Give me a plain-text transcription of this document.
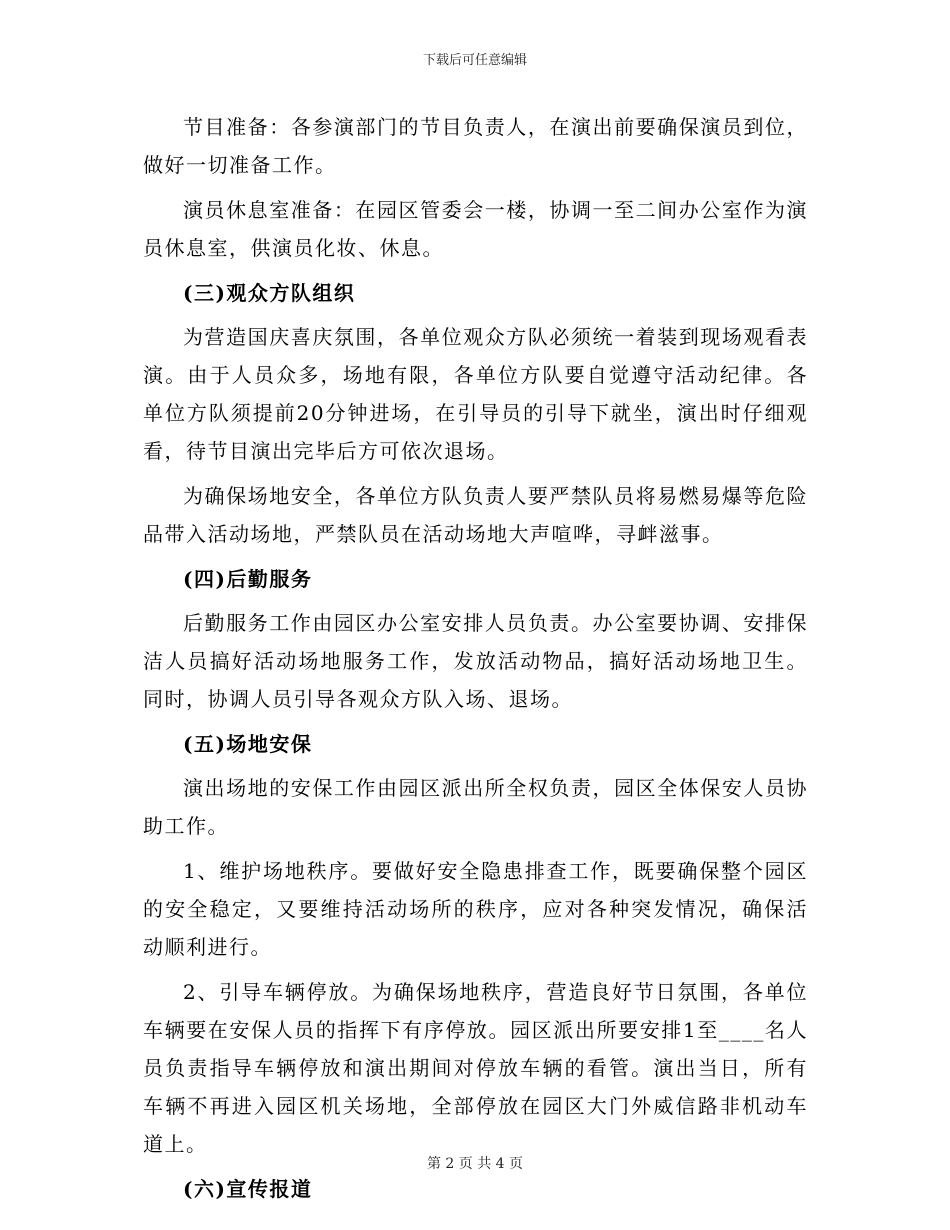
下载后可任意编辑

节目准备：各参演部门的节目负责人，在演出前要确保演员到位，做好一切准备工作。

演员休息室准备：在园区管委会一楼，协调一至二间办公室作为演员休息室，供演员化妆、休息。

(三)观众方队组织

为营造国庆喜庆氛围，各单位观众方队必须统一着装到现场观看表演。由于人员众多，场地有限，各单位方队要自觉遵守活动纪律。各单位方队须提前20分钟进场，在引导员的引导下就坐，演出时仔细观看，待节目演出完毕后方可依次退场。

为确保场地安全，各单位方队负责人要严禁队员将易燃易爆等危险品带入活动场地，严禁队员在活动场地大声喧哗，寻衅滋事。

(四)后勤服务

后勤服务工作由园区办公室安排人员负责。办公室要协调、安排保洁人员搞好活动场地服务工作，发放活动物品，搞好活动场地卫生。同时，协调人员引导各观众方队入场、退场。

(五)场地安保

演出场地的安保工作由园区派出所全权负责，园区全体保安人员协助工作。

1、维护场地秩序。要做好安全隐患排查工作，既要确保整个园区的安全稳定，又要维持活动场所的秩序，应对各种突发情况，确保活动顺利进行。

2、引导车辆停放。为确保场地秩序，营造良好节日氛围，各单位车辆要在安保人员的指挥下有序停放。园区派出所要安排1至____名人员负责指导车辆停放和演出期间对停放车辆的看管。演出当日，所有车辆不再进入园区机关场地，全部停放在园区大门外威信路非机动车道上。

(六)宣传报道

第 2 页 共 4 页
